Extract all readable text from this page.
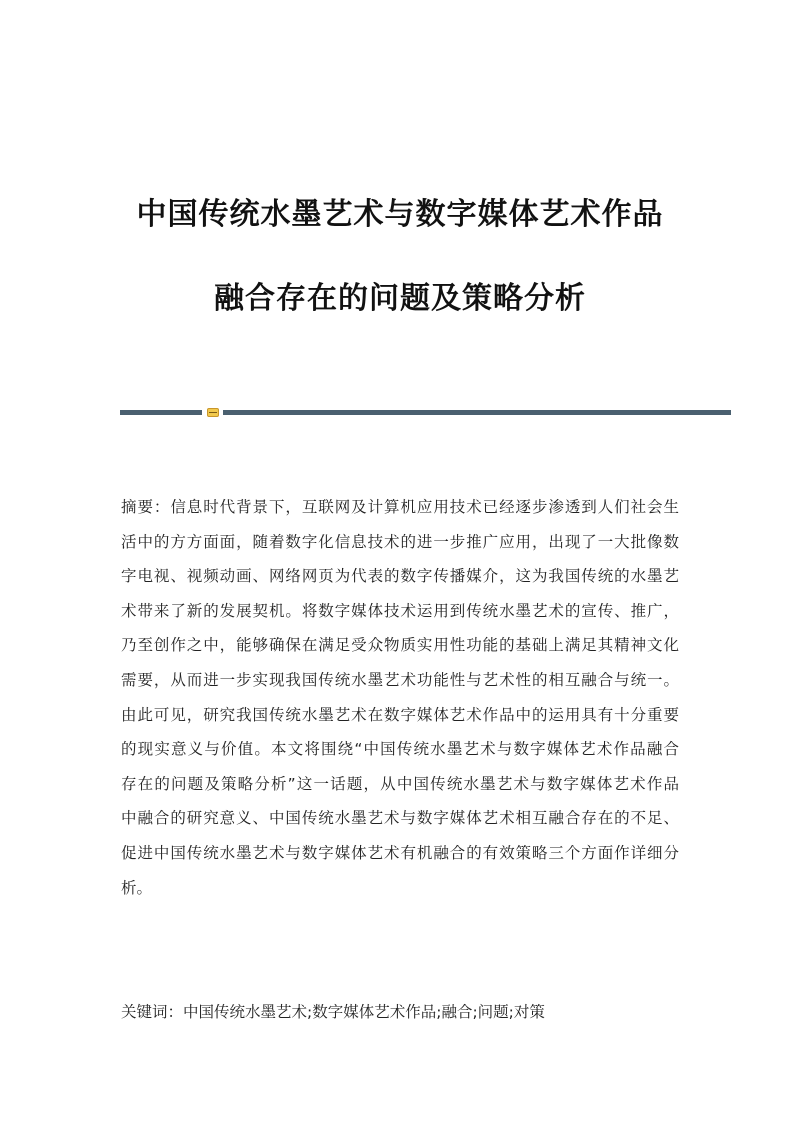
中国传统水墨艺术与数字媒体艺术作品
融合存在的问题及策略分析
摘要：信息时代背景下，互联网及计算机应用技术已经逐步渗透到人们社会生
活中的方方面面，随着数字化信息技术的进一步推广应用，出现了一大批像数
字电视、视频动画、网络网页为代表的数字传播媒介，这为我国传统的水墨艺
术带来了新的发展契机。将数字媒体技术运用到传统水墨艺术的宣传、推广，
乃至创作之中，能够确保在满足受众物质实用性功能的基础上满足其精神文化
需要，从而进一步实现我国传统水墨艺术功能性与艺术性的相互融合与统一。
由此可见，研究我国传统水墨艺术在数字媒体艺术作品中的运用具有十分重要
的现实意义与价值。本文将围绕“中国传统水墨艺术与数字媒体艺术作品融合
存在的问题及策略分析”这一话题，从中国传统水墨艺术与数字媒体艺术作品
中融合的研究意义、中国传统水墨艺术与数字媒体艺术相互融合存在的不足、
促进中国传统水墨艺术与数字媒体艺术有机融合的有效策略三个方面作详细分
析。
关键词：中国传统水墨艺术;数字媒体艺术作品;融合;问题;对策
